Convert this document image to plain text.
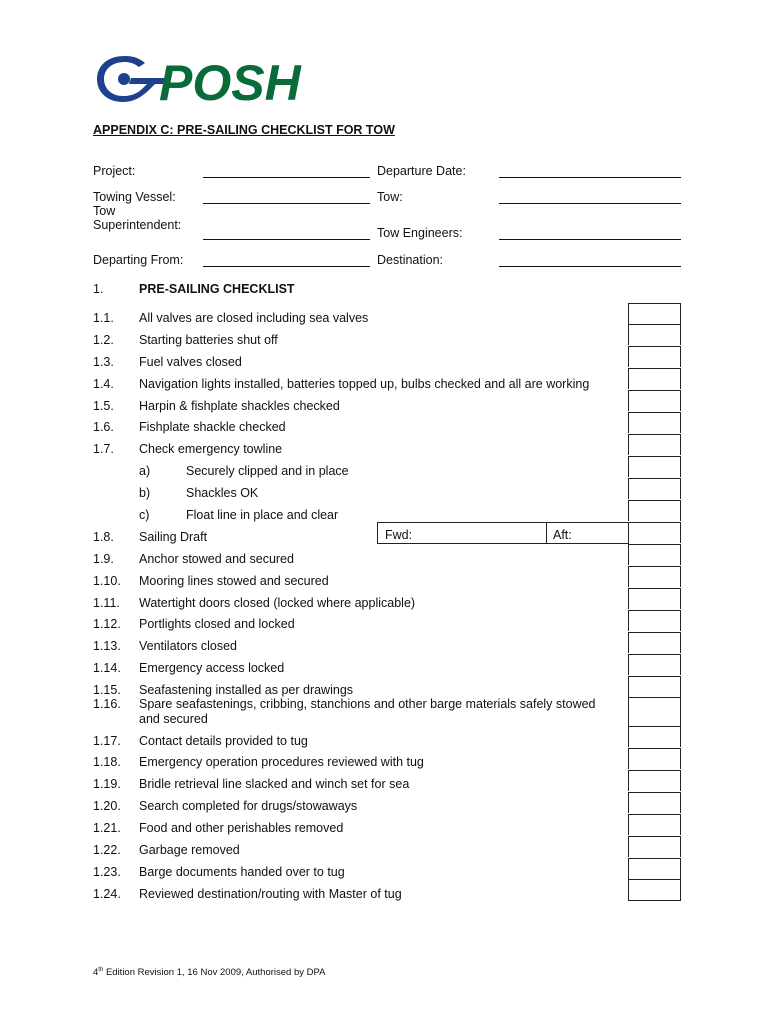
POSH
APPENDIX C: PRE-SAILING CHECKLIST FOR TOW
Project:	Departure Date:
Towing Vessel:	Tow:
Tow
Superintendent:
Tow Engineers:
Departing From:	Destination:
1.	PRE-SAILING CHECKLIST
1.1. All valves are closed including sea valves
1.2. Starting batteries shut off
1.3. Fuel valves closed
1.4. Navigation lights installed, batteries topped up, bulbs checked and all are working
1.5. Harpin & fishplate shackles checked
1.6. Fishplate shackle checked
1.7. Check emergency towline
a)	Securely clipped and in place
b)	Shackles OK
c)	Float line in place and clear
1.8. Sailing Draft	Fwd:	Aft:
1.9. Anchor stowed and secured
1.10. Mooring lines stowed and secured
1.11. Watertight doors closed (locked where applicable)
1.12. Portlights closed and locked
1.13. Ventilators closed
1.14. Emergency access locked
1.15. Seafastening installed as per drawings
1.16. Spare seafastenings, cribbing, stanchions and other barge materials safely stowed
and secured
1.17. Contact details provided to tug
1.18. Emergency operation procedures reviewed with tug
1.19. Bridle retrieval line slacked and winch set for sea
1.20. Search completed for drugs/stowaways
1.21. Food and other perishables removed
1.22. Garbage removed
1.23. Barge documents handed over to tug
1.24. Reviewed destination/routing with Master of tug
4th Edition Revision 1, 16 Nov 2009, Authorised by DPA
